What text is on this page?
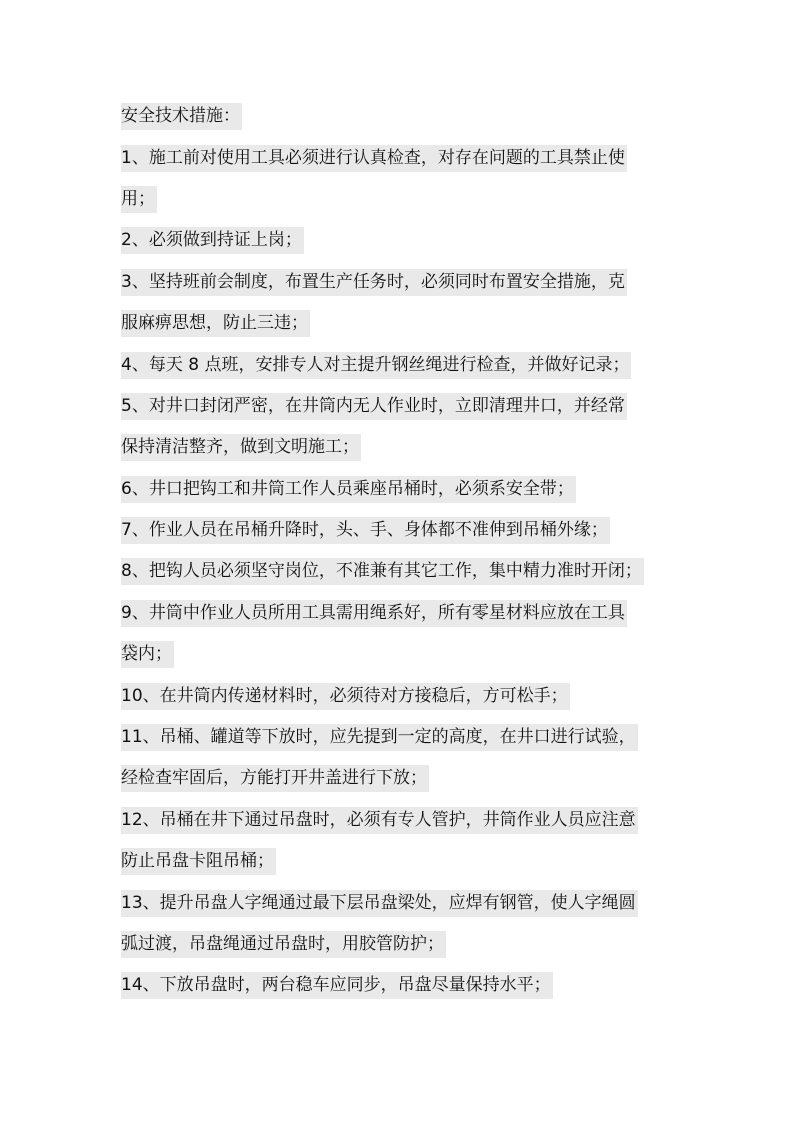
安全技术措施：
1、施工前对使用工具必须进行认真检查，对存在问题的工具禁止使
用；
2、必须做到持证上岗；
3、坚持班前会制度，布置生产任务时，必须同时布置安全措施，克
服麻痹思想，防止三违；
4、每天 8 点班，安排专人对主提升钢丝绳进行检查，并做好记录；
5、对井口封闭严密，在井筒内无人作业时，立即清理井口，并经常
保持清洁整齐，做到文明施工；
6、井口把钩工和井筒工作人员乘座吊桶时，必须系安全带；
7、作业人员在吊桶升降时，头、手、身体都不准伸到吊桶外缘；
8、把钩人员必须坚守岗位，不准兼有其它工作，集中精力准时开闭；
9、井筒中作业人员所用工具需用绳系好，所有零星材料应放在工具
袋内；
10、在井筒内传递材料时，必须待对方接稳后，方可松手；
11、吊桶、罐道等下放时，应先提到一定的高度，在井口进行试验，
经检查牢固后，方能打开井盖进行下放；
12、吊桶在井下通过吊盘时，必须有专人管护，井筒作业人员应注意
防止吊盘卡阻吊桶；
13、提升吊盘人字绳通过最下层吊盘梁处，应焊有钢管，使人字绳圆
弧过渡，吊盘绳通过吊盘时，用胶管防护；
14、下放吊盘时，两台稳车应同步，吊盘尽量保持水平；
